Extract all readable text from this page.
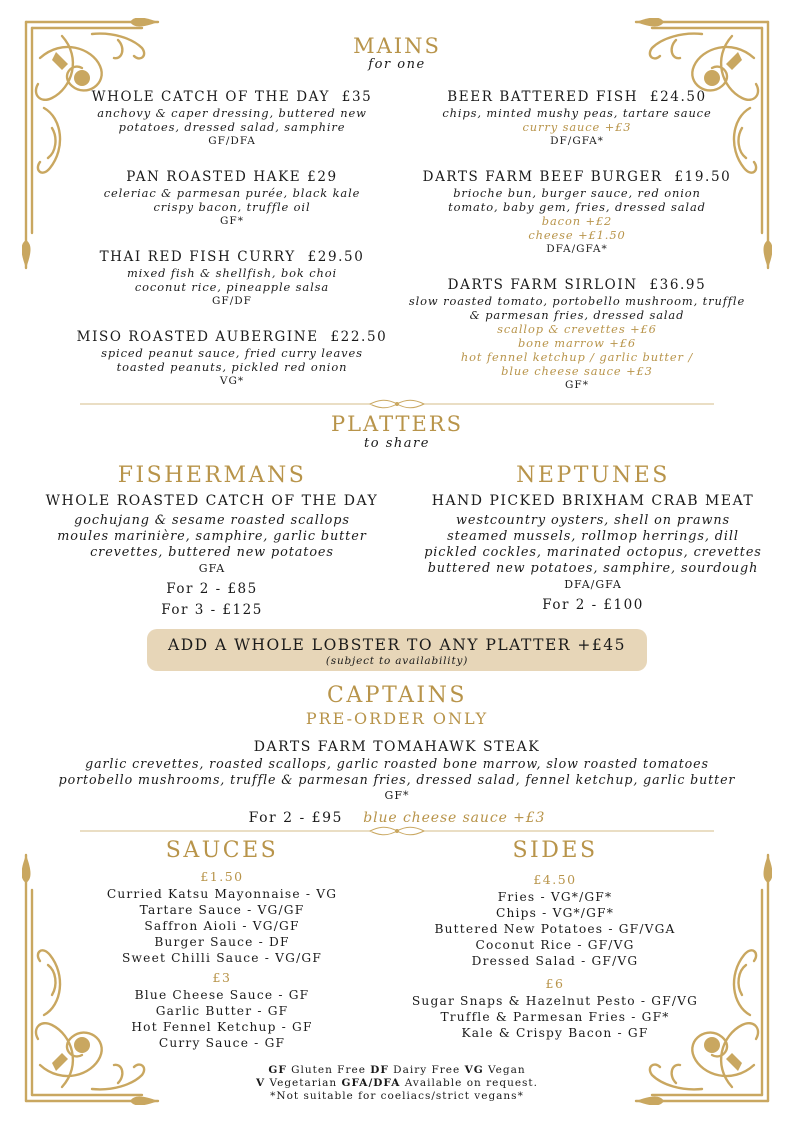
MAINS
for one
WHOLE CATCH OF THE DAY £35
anchovy & caper dressing, buttered new
potatoes, dressed salad, samphire
GF/DFA
PAN ROASTED HAKE £29
celeriac & parmesan purée, black kale
crispy bacon, truffle oil
GF*
THAI RED FISH CURRY £29.50
mixed fish & shellfish, bok choi
coconut rice, pineapple salsa
GF/DF
MISO ROASTED AUBERGINE £22.50
spiced peanut sauce, fried curry leaves
toasted peanuts, pickled red onion
VG*
BEER BATTERED FISH £24.50
chips, minted mushy peas, tartare sauce
curry sauce +£3
DF/GFA*
DARTS FARM BEEF BURGER £19.50
brioche bun, burger sauce, red onion
tomato, baby gem, fries, dressed salad
bacon +£2
cheese +£1.50
DFA/GFA*
DARTS FARM SIRLOIN £36.95
slow roasted tomato, portobello mushroom, truffle
& parmesan fries, dressed salad
scallop & crevettes +£6
bone marrow +£6
hot fennel ketchup / garlic butter /
blue cheese sauce +£3
GF*
PLATTERS
to share
FISHERMANS
WHOLE ROASTED CATCH OF THE DAY
gochujang & sesame roasted scallops
moules marinière, samphire, garlic butter
crevettes, buttered new potatoes
GFA
For 2 - £85
For 3 - £125
NEPTUNES
HAND PICKED BRIXHAM CRAB MEAT
westcountry oysters, shell on prawns
steamed mussels, rollmop herrings, dill
pickled cockles, marinated octopus, crevettes
buttered new potatoes, samphire, sourdough
DFA/GFA
For 2 - £100
ADD A WHOLE LOBSTER TO ANY PLATTER +£45
(subject to availability)
CAPTAINS
PRE-ORDER ONLY
DARTS FARM TOMAHAWK STEAK
garlic crevettes, roasted scallops, garlic roasted bone marrow, slow roasted tomatoes
portobello mushrooms, truffle & parmesan fries, dressed salad, fennel ketchup, garlic butter
GF*
For 2 - £95 blue cheese sauce +£3
SAUCES
£1.50
Curried Katsu Mayonnaise - VG
Tartare Sauce - VG/GF
Saffron Aioli - VG/GF
Burger Sauce - DF
Sweet Chilli Sauce - VG/GF
£3
Blue Cheese Sauce - GF
Garlic Butter - GF
Hot Fennel Ketchup - GF
Curry Sauce - GF
SIDES
£4.50
Fries - VG*/GF*
Chips - VG*/GF*
Buttered New Potatoes - GF/VGA
Coconut Rice - GF/VG
Dressed Salad - GF/VG
£6
Sugar Snaps & Hazelnut Pesto - GF/VG
Truffle & Parmesan Fries - GF*
Kale & Crispy Bacon - GF
GF Gluten Free DF Dairy Free VG Vegan
V Vegetarian GFA/DFA Available on request.
*Not suitable for coeliacs/strict vegans*
